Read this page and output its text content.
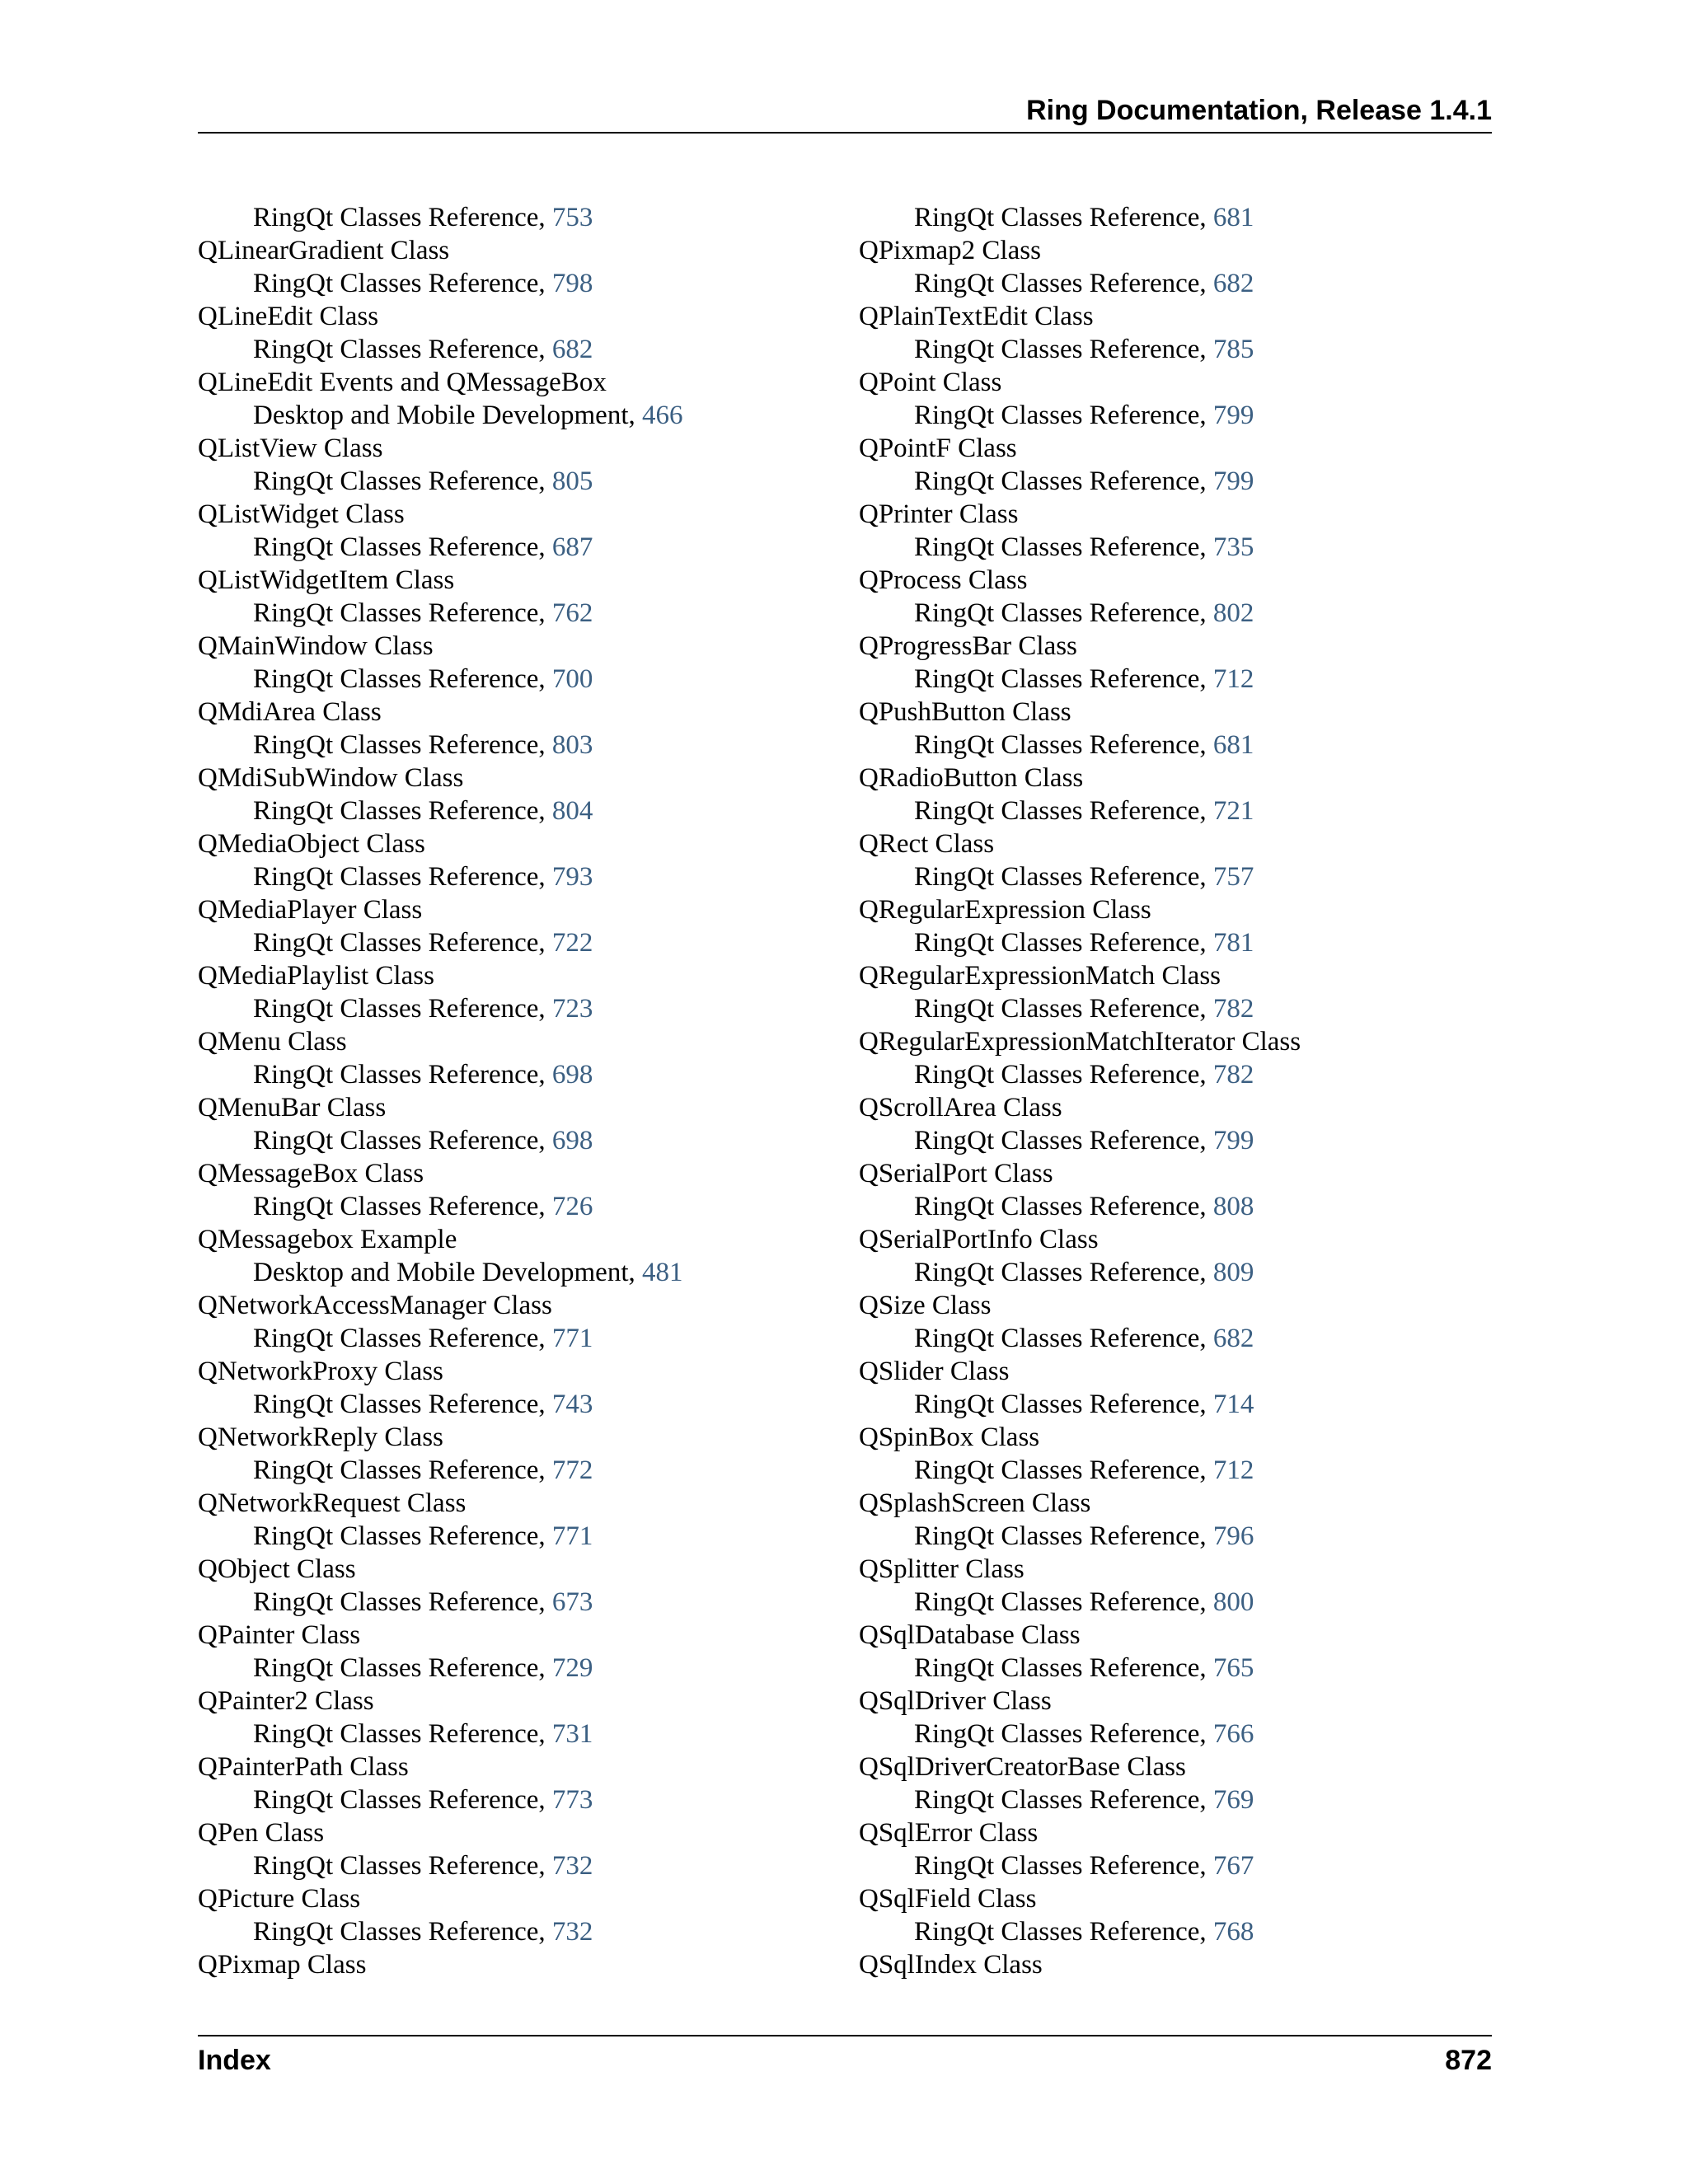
Ring Documentation, Release 1.4.1
RingQt Classes Reference, 753
QLinearGradient Class
RingQt Classes Reference, 798
QLineEdit Class
RingQt Classes Reference, 682
QLineEdit Events and QMessageBox
Desktop and Mobile Development, 466
QListView Class
RingQt Classes Reference, 805
QListWidget Class
RingQt Classes Reference, 687
QListWidgetItem Class
RingQt Classes Reference, 762
QMainWindow Class
RingQt Classes Reference, 700
QMdiArea Class
RingQt Classes Reference, 803
QMdiSubWindow Class
RingQt Classes Reference, 804
QMediaObject Class
RingQt Classes Reference, 793
QMediaPlayer Class
RingQt Classes Reference, 722
QMediaPlaylist Class
RingQt Classes Reference, 723
QMenu Class
RingQt Classes Reference, 698
QMenuBar Class
RingQt Classes Reference, 698
QMessageBox Class
RingQt Classes Reference, 726
QMessagebox Example
Desktop and Mobile Development, 481
QNetworkAccessManager Class
RingQt Classes Reference, 771
QNetworkProxy Class
RingQt Classes Reference, 743
QNetworkReply Class
RingQt Classes Reference, 772
QNetworkRequest Class
RingQt Classes Reference, 771
QObject Class
RingQt Classes Reference, 673
QPainter Class
RingQt Classes Reference, 729
QPainter2 Class
RingQt Classes Reference, 731
QPainterPath Class
RingQt Classes Reference, 773
QPen Class
RingQt Classes Reference, 732
QPicture Class
RingQt Classes Reference, 732
QPixmap Class
RingQt Classes Reference, 681
QPixmap2 Class
RingQt Classes Reference, 682
QPlainTextEdit Class
RingQt Classes Reference, 785
QPoint Class
RingQt Classes Reference, 799
QPointF Class
RingQt Classes Reference, 799
QPrinter Class
RingQt Classes Reference, 735
QProcess Class
RingQt Classes Reference, 802
QProgressBar Class
RingQt Classes Reference, 712
QPushButton Class
RingQt Classes Reference, 681
QRadioButton Class
RingQt Classes Reference, 721
QRect Class
RingQt Classes Reference, 757
QRegularExpression Class
RingQt Classes Reference, 781
QRegularExpressionMatch Class
RingQt Classes Reference, 782
QRegularExpressionMatchIterator Class
RingQt Classes Reference, 782
QScrollArea Class
RingQt Classes Reference, 799
QSerialPort Class
RingQt Classes Reference, 808
QSerialPortInfo Class
RingQt Classes Reference, 809
QSize Class
RingQt Classes Reference, 682
QSlider Class
RingQt Classes Reference, 714
QSpinBox Class
RingQt Classes Reference, 712
QSplashScreen Class
RingQt Classes Reference, 796
QSplitter Class
RingQt Classes Reference, 800
QSqlDatabase Class
RingQt Classes Reference, 765
QSqlDriver Class
RingQt Classes Reference, 766
QSqlDriverCreatorBase Class
RingQt Classes Reference, 769
QSqlError Class
RingQt Classes Reference, 767
QSqlField Class
RingQt Classes Reference, 768
QSqlIndex Class
Index	872
